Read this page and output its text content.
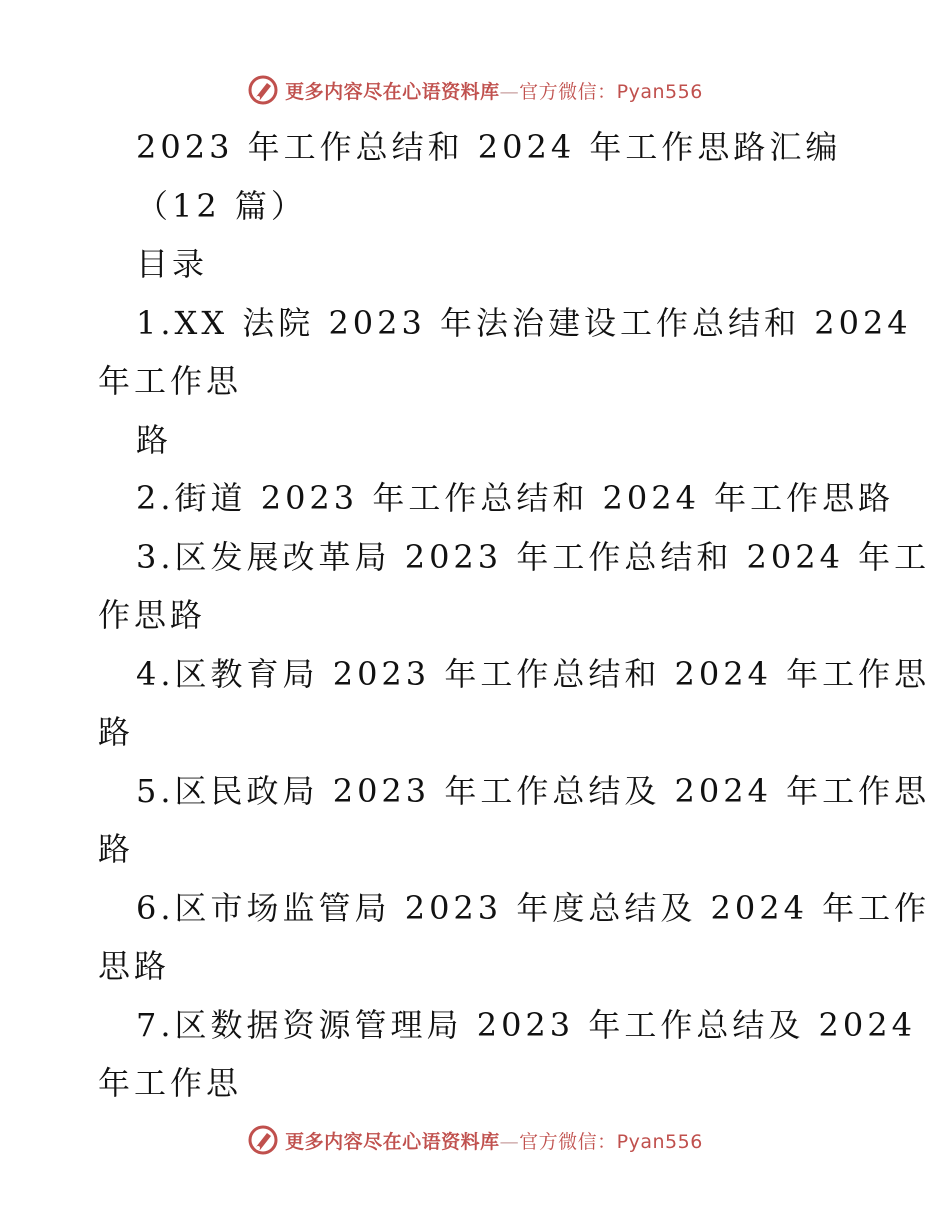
更多内容尽在心语资料库—官方微信：Pyan556
2023 年工作总结和 2024 年工作思路汇编
（12 篇）
目录
1.XX 法院 2023 年法治建设工作总结和 2024
年工作思
路
2.街道 2023 年工作总结和 2024 年工作思路
3.区发展改革局 2023 年工作总结和 2024 年工
作思路
4.区教育局 2023 年工作总结和 2024 年工作思
路
5.区民政局 2023 年工作总结及 2024 年工作思
路
6.区市场监管局 2023 年度总结及 2024 年工作
思路
7.区数据资源管理局 2023 年工作总结及 2024
年工作思
更多内容尽在心语资料库—官方微信：Pyan556
